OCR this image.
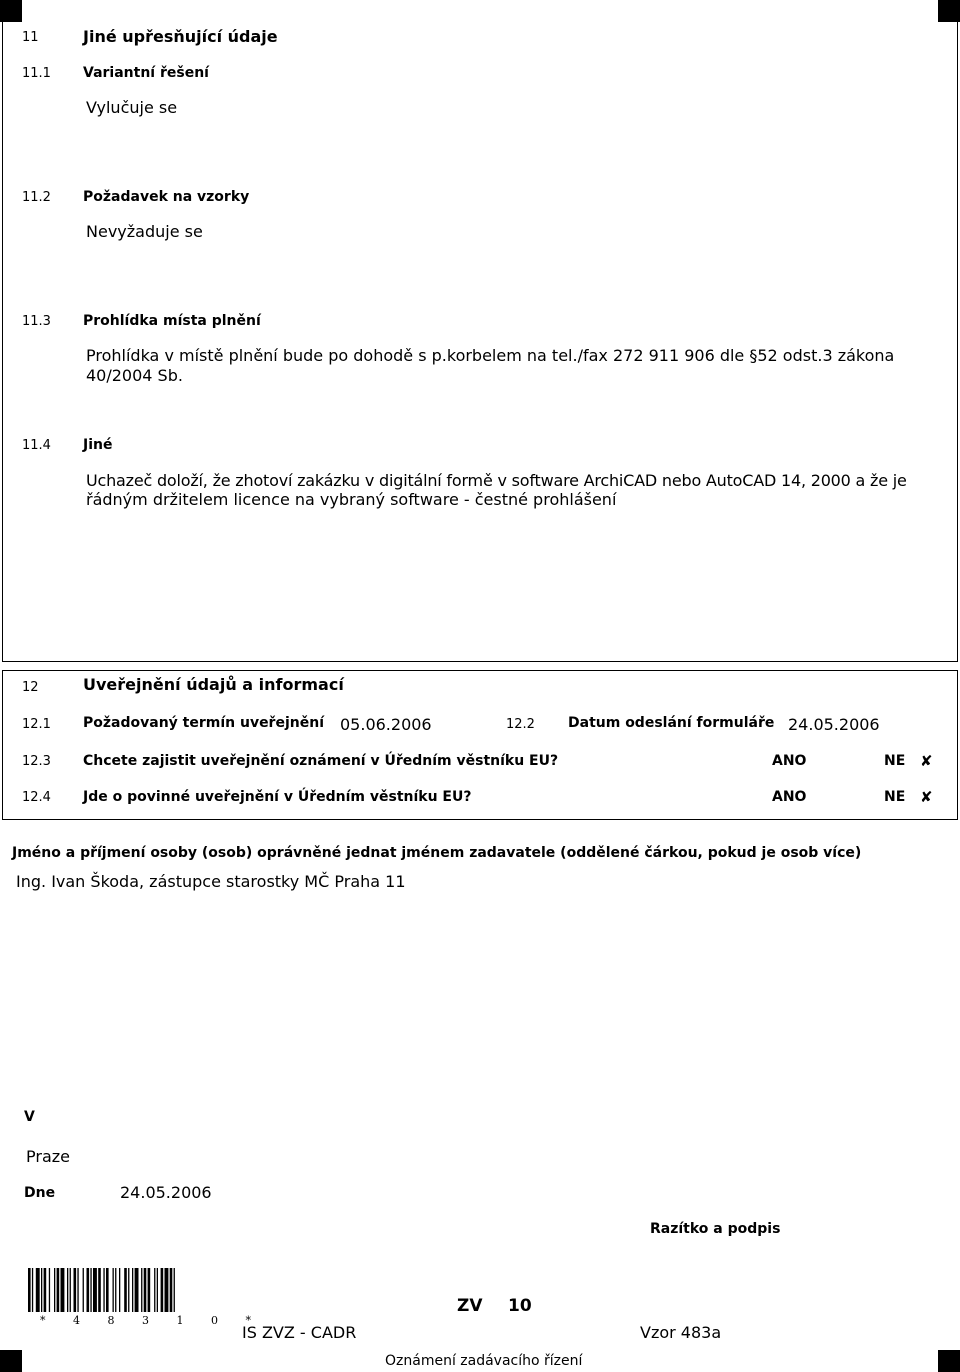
11	Jiné upřesňující údaje
11.1 Variantní řešení
Vylučuje se
11.2 Požadavek na vzorky
Nevyžaduje se
11.3 Prohlídka místa plnění
Prohlídka v místě plnění bude po dohodě s p.korbelem na tel./fax 272 911 906 dle §52 odst.3 zákona
40/2004 Sb.
11.4 Jiné
Uchazeč doloží, že zhotoví zakázku v digitální formě v software ArchiCAD nebo AutoCAD 14, 2000 a že je
řádným držitelem licence na vybraný software - čestné prohlášení
12	Uveřejnění údajů a informací
12.1 Požadovaný termín uveřejnění 05.06.2006	12.2 Datum odeslání formuláře 24.05.2006
12.3 Chcete zajistit uveřejnění oznámení v Úředním věstníku EU?	ANO	NE ✘
12.4 Jde o povinné uveřejnění v Úředním věstníku EU?	ANO	NE ✘
Jméno a příjmení osoby (osob) oprávněné jednat jménem zadavatele (oddělené čárkou, pokud je osob více)
Ing. Ivan Škoda, zástupce starostky MČ Praha 11
V
Praze
Dne	24.05.2006
Razítko a podpis
* 4 8 3 1 0 *
ZV 10
IS ZVZ - CADR	Vzor 483a
Oznámení zadávacího řízení
